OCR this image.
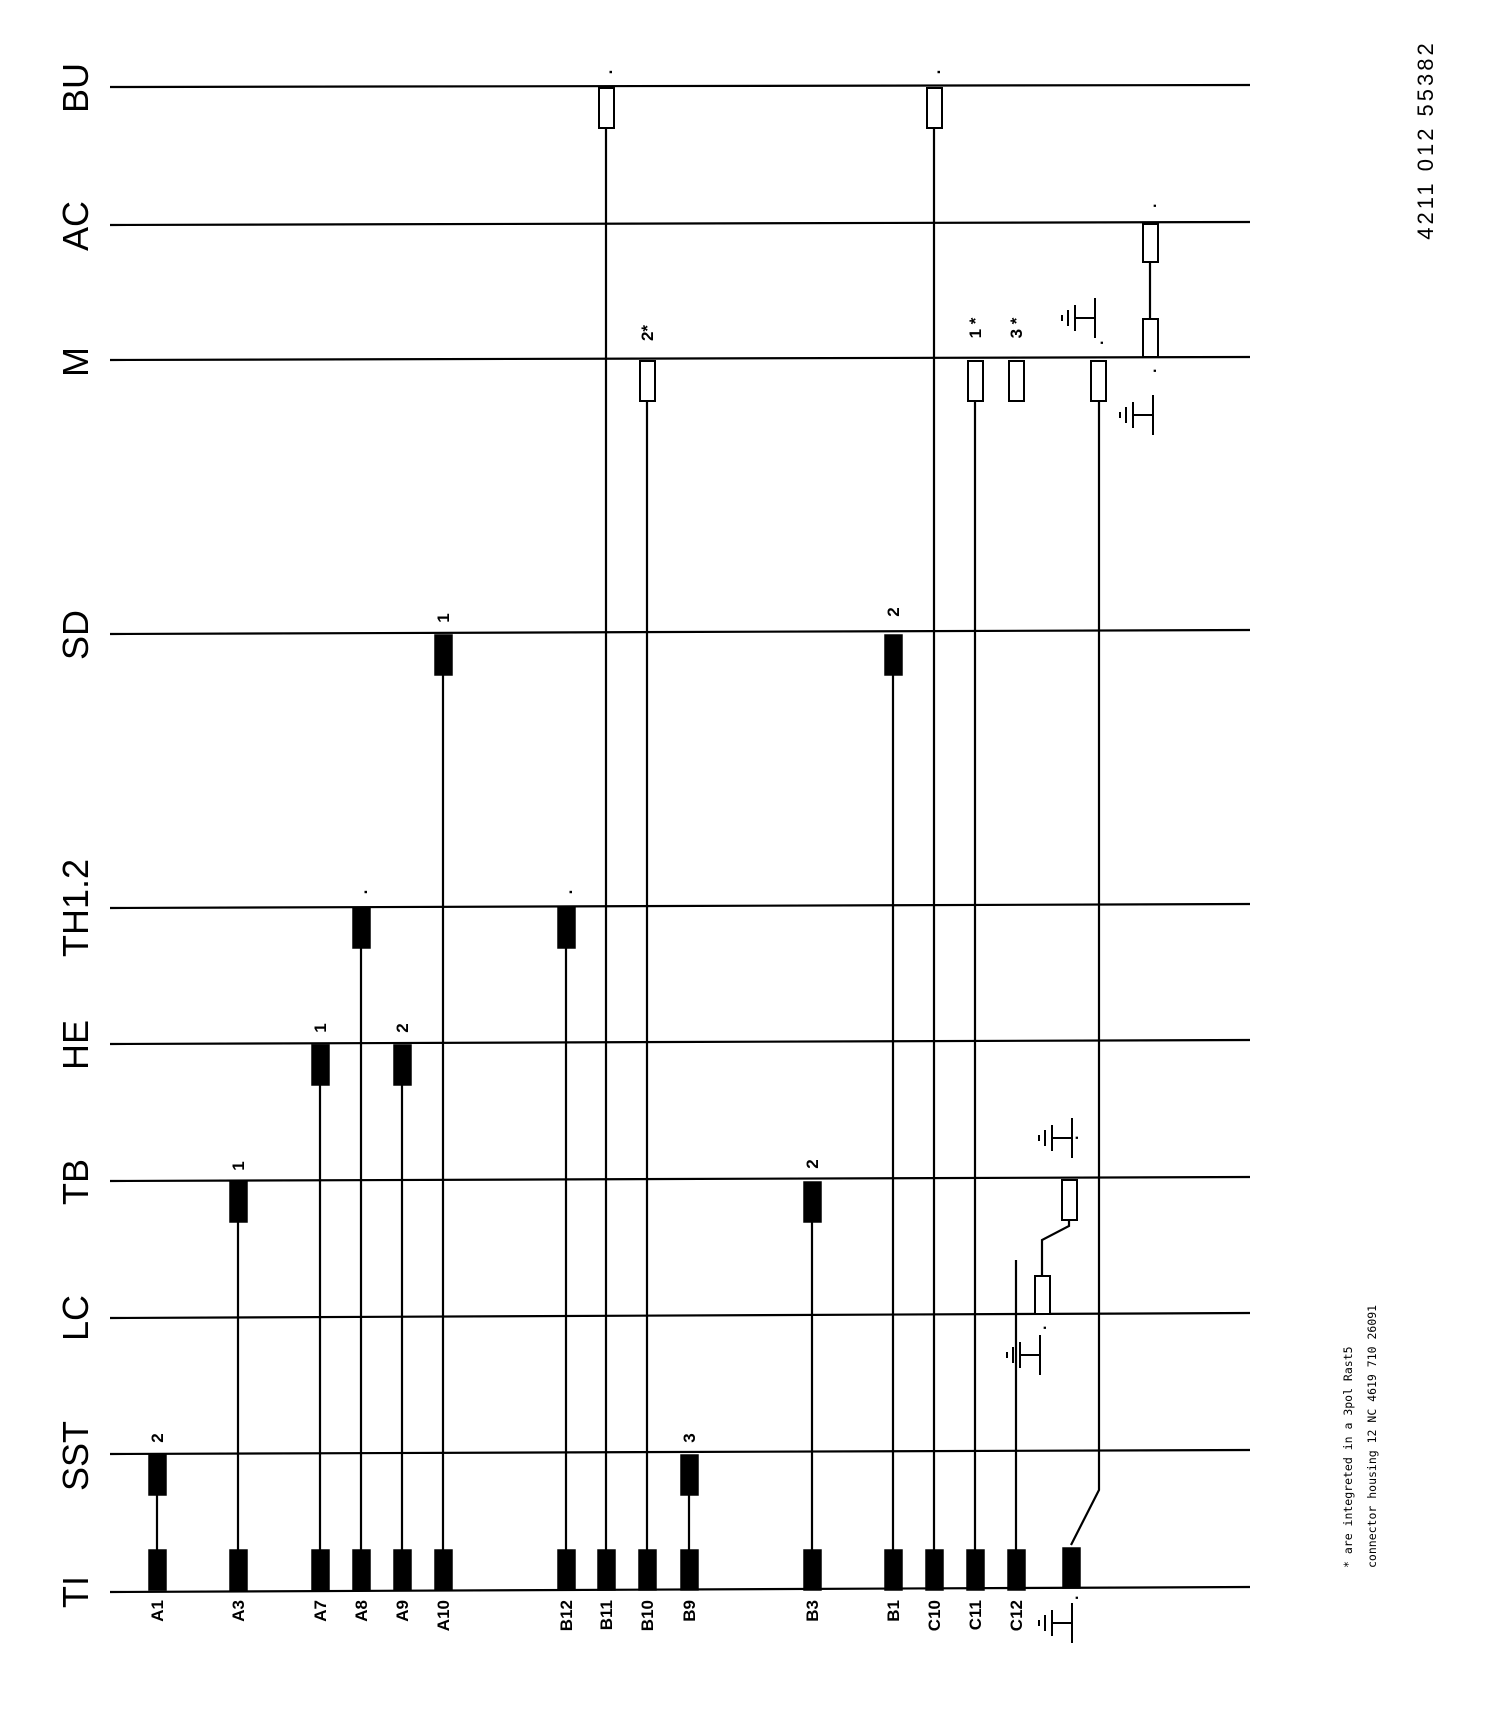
TI
SST
LC
TB
HE
TH1.2
SD
M
AC
BU
A1	A3	A7 A8 A9 A10	B12 B11 B10 B9	B3	B1 C10 C11 C12
2
1
1
.
2
1
.
.
2*
3
2
2
.
1 * 3 *
.
.
.
.
.
.
4211 012 55382
* are integreted in a 3pol Rast5 connector housing 12 NC 4619 710 26091
